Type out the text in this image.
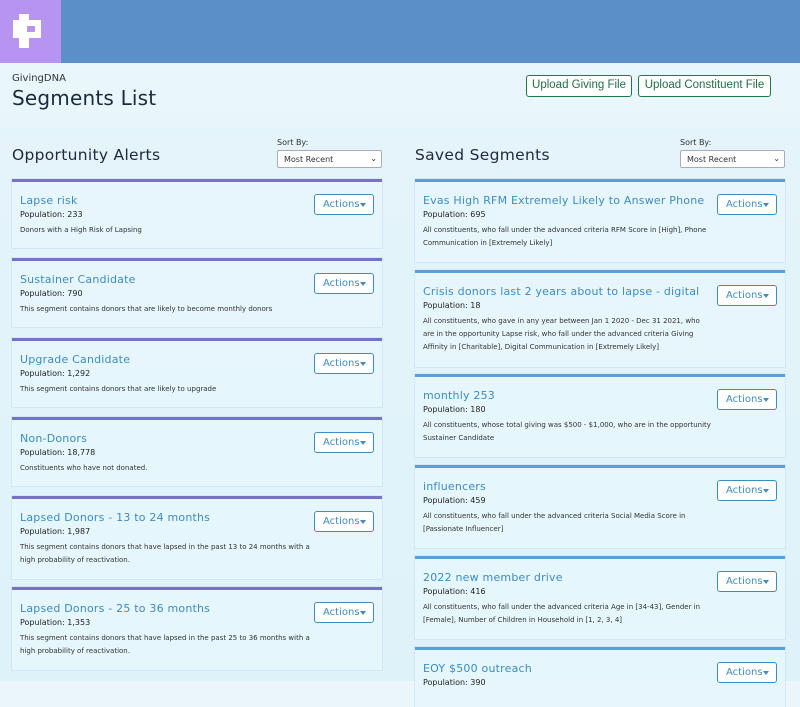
GivingDNA
Segments List
Upload Giving File	Upload Constituent File
Opportunity Alerts
Sort By:
Most Recent	⌄
Lapse risk
Population: 233
Donors with a High Risk of Lapsing
Actions
Sustainer Candidate
Population: 790
This segment contains donors that are likely to become monthly donors
Actions
Upgrade Candidate
Population: 1,292
This segment contains donors that are likely to upgrade
Actions
Non-Donors
Population: 18,778
Constituents who have not donated.
Actions
Lapsed Donors - 13 to 24 months
Population: 1,987
This segment contains donors that have lapsed in the past 13 to 24 months with a high probability of reactivation.
Actions
Lapsed Donors - 25 to 36 months
Population: 1,353
This segment contains donors that have lapsed in the past 25 to 36 months with a high probability of reactivation.
Actions
Saved Segments
Sort By:
Most Recent	⌄
Evas High RFM Extremely Likely to Answer Phone
Population: 695
All constituents, who fall under the advanced criteria RFM Score in [High], Phone Communication in [Extremely Likely]
Actions
Crisis donors last 2 years about to lapse - digital
Population: 18
All constituents, who gave in any year between Jan 1 2020 - Dec 31 2021, who are in the opportunity Lapse risk, who fall under the advanced criteria Giving Affinity in [Charitable], Digital Communication in [Extremely Likely]
Actions
monthly 253
Population: 180
All constituents, whose total giving was $500 - $1,000, who are in the opportunity Sustainer Candidate
Actions
influencers
Population: 459
All constituents, who fall under the advanced criteria Social Media Score in [Passionate Influencer]
Actions
2022 new member drive
Population: 416
All constituents, who fall under the advanced criteria Age in [34-43], Gender in [Female], Number of Children in Household in [1, 2, 3, 4]
Actions
EOY $500 outreach
Population: 390
Actions
